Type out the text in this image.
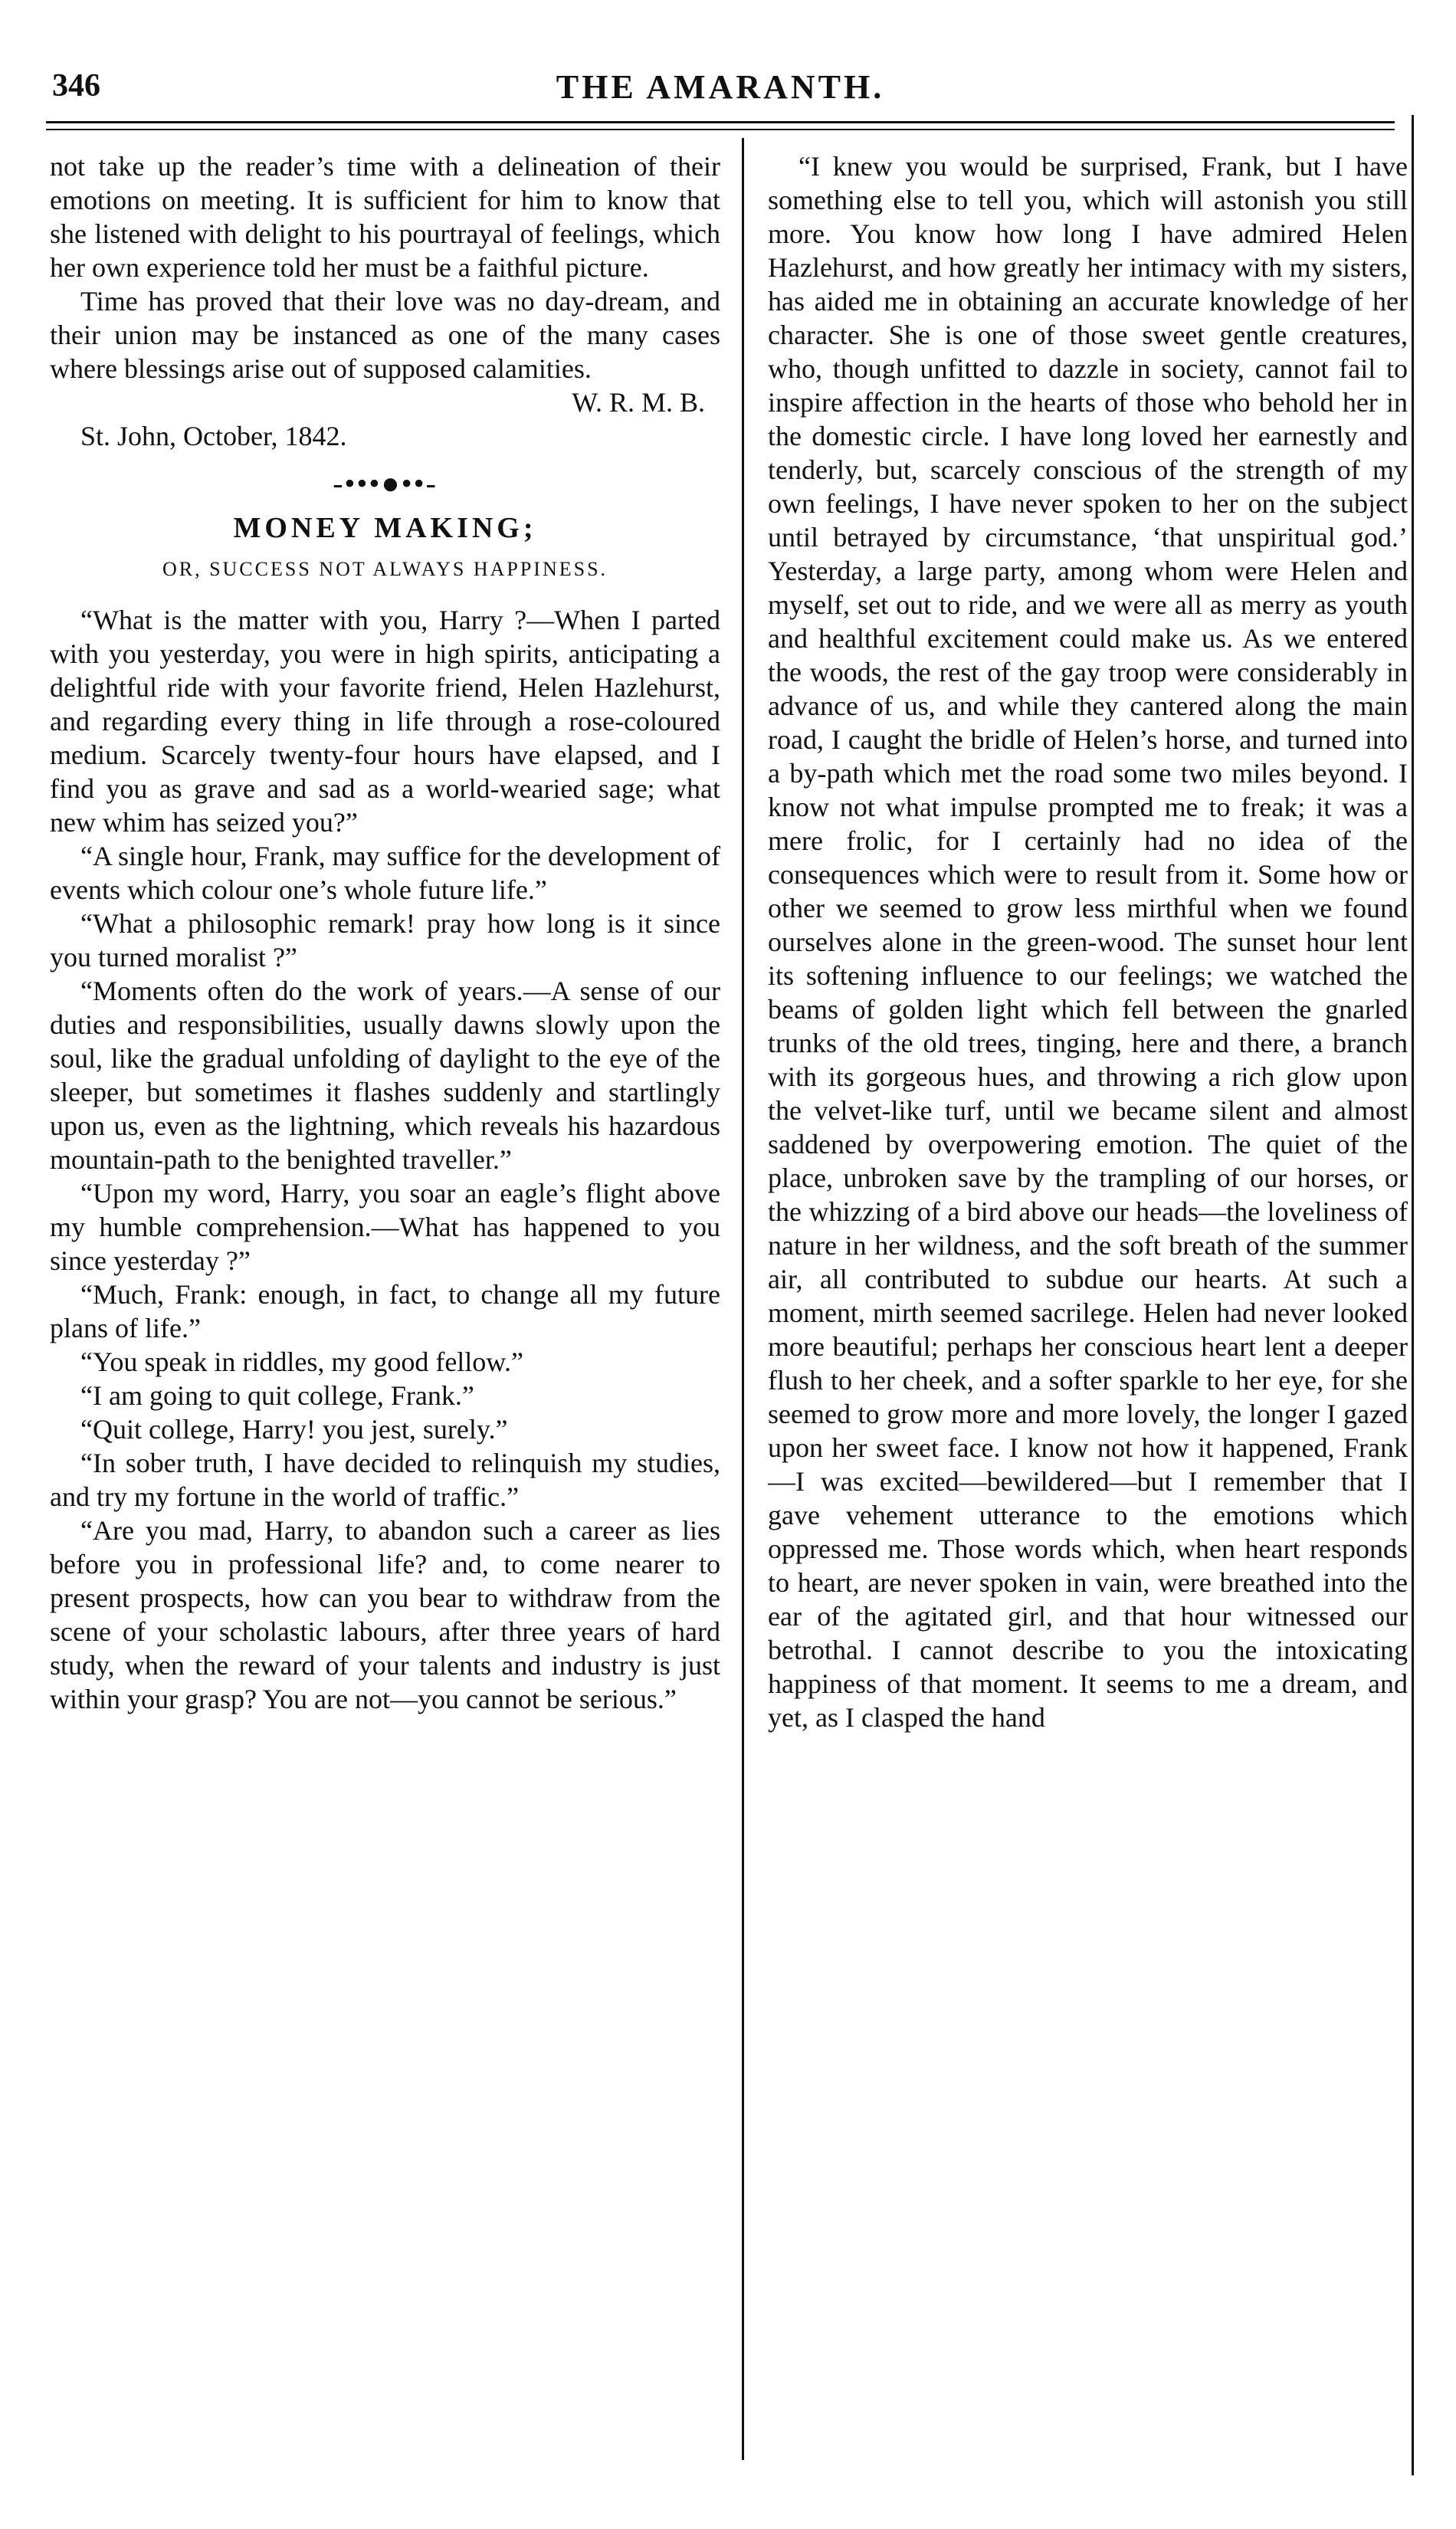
346	THE AMARANTH.

not take up the reader’s time with a delineation of their emotions on meeting. It is sufficient for him to know that she listened with delight to his pourtrayal of feelings, which her own experience told her must be a faithful picture.

Time has proved that their love was no day-dream, and their union may be instanced as one of the many cases where blessings arise out of supposed calamities.

W. R. M. B.

St. John, October, 1842.

-•••●••-
MONEY MAKING;
OR, SUCCESS NOT ALWAYS HAPPINESS.

“What is the matter with you, Harry ?—When I parted with you yesterday, you were in high spirits, anticipating a delightful ride with your favorite friend, Helen Hazlehurst, and regarding every thing in life through a rose-coloured medium. Scarcely twenty-four hours have elapsed, and I find you as grave and sad as a world-wearied sage; what new whim has seized you?”

“A single hour, Frank, may suffice for the development of events which colour one’s whole future life.”

“What a philosophic remark! pray how long is it since you turned moralist ?”

“Moments often do the work of years.—A sense of our duties and responsibilities, usually dawns slowly upon the soul, like the gradual unfolding of daylight to the eye of the sleeper, but sometimes it flashes suddenly and startlingly upon us, even as the lightning, which reveals his hazardous mountain-path to the benighted traveller.”

“Upon my word, Harry, you soar an eagle’s flight above my humble comprehension.—What has happened to you since yesterday ?”

“Much, Frank: enough, in fact, to change all my future plans of life.”

“You speak in riddles, my good fellow.”

“I am going to quit college, Frank.”

“Quit college, Harry! you jest, surely.”

“In sober truth, I have decided to relinquish my studies, and try my fortune in the world of traffic.”

“Are you mad, Harry, to abandon such a career as lies before you in professional life? and, to come nearer to present prospects, how can you bear to withdraw from the scene of your scholastic labours, after three years of hard study, when the reward of your talents and industry is just within your grasp? You are not—you cannot be serious.”

“I knew you would be surprised, Frank, but I have something else to tell you, which will astonish you still more. You know how long I have admired Helen Hazlehurst, and how greatly her intimacy with my sisters, has aided me in obtaining an accurate knowledge of her character. She is one of those sweet gentle creatures, who, though unfitted to dazzle in society, cannot fail to inspire affection in the hearts of those who behold her in the domestic circle. I have long loved her earnestly and tenderly, but, scarcely conscious of the strength of my own feelings, I have never spoken to her on the subject until betrayed by circumstance, ‘that unspiritual god.’ Yesterday, a large party, among whom were Helen and myself, set out to ride, and we were all as merry as youth and healthful excitement could make us. As we entered the woods, the rest of the gay troop were considerably in advance of us, and while they cantered along the main road, I caught the bridle of Helen’s horse, and turned into a by-path which met the road some two miles beyond. I know not what impulse prompted me to freak; it was a mere frolic, for I certainly had no idea of the consequences which were to result from it. Some how or other we seemed to grow less mirthful when we found ourselves alone in the green-wood. The sunset hour lent its softening influence to our feelings; we watched the beams of golden light which fell between the gnarled trunks of the old trees, tinging, here and there, a branch with its gorgeous hues, and throwing a rich glow upon the velvet-like turf, until we became silent and almost saddened by overpowering emotion. The quiet of the place, unbroken save by the trampling of our horses, or the whizzing of a bird above our heads—the loveliness of nature in her wildness, and the soft breath of the summer air, all contributed to subdue our hearts. At such a moment, mirth seemed sacrilege. Helen had never looked more beautiful; perhaps her conscious heart lent a deeper flush to her cheek, and a softer sparkle to her eye, for she seemed to grow more and more lovely, the longer I gazed upon her sweet face. I know not how it happened, Frank—I was excited—bewildered—but I remember that I gave vehement utterance to the emotions which oppressed me. Those words which, when heart responds to heart, are never spoken in vain, were breathed into the ear of the agitated girl, and that hour witnessed our betrothal. I cannot describe to you the intoxicating happiness of that moment. It seems to me a dream, and yet, as I clasped the hand
